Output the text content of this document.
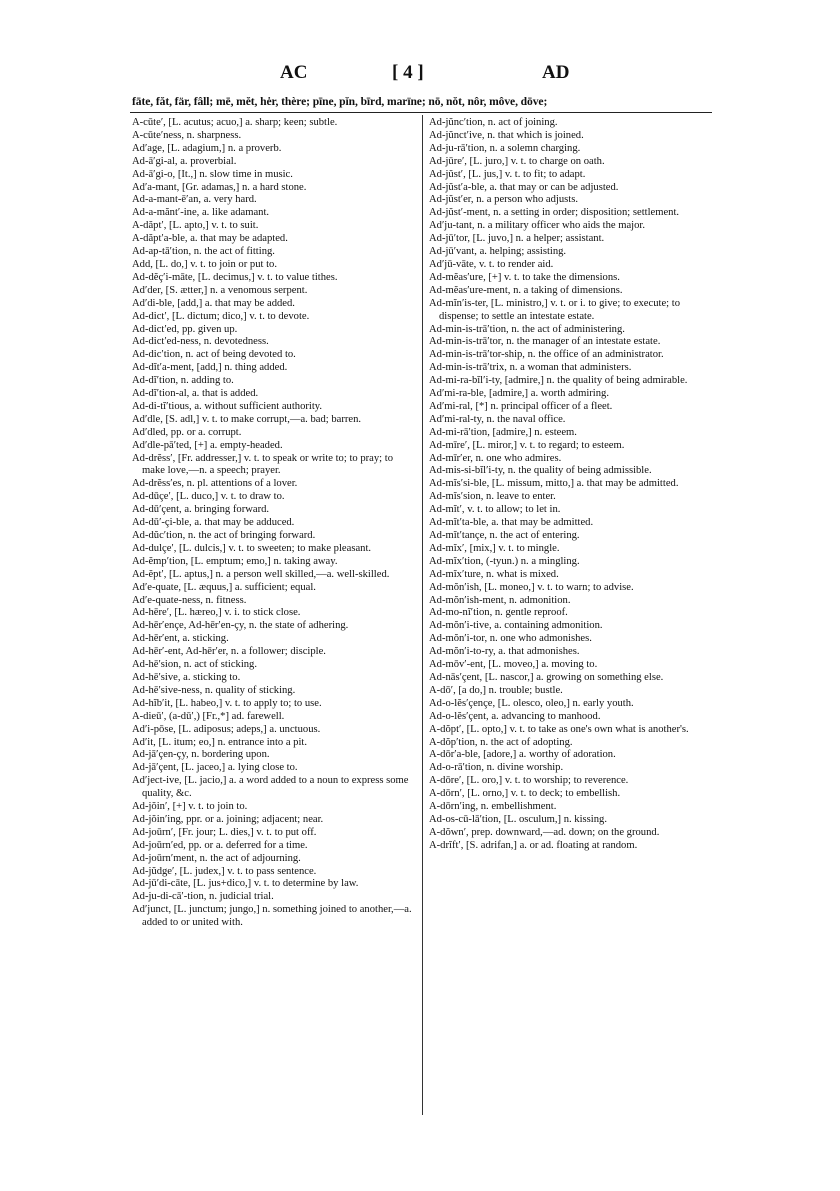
AC	[ 4 ]	AD
fāte, făt, fär, fâll; mē, mĕt, hėr, thère; pīne, pĭn, bīrd, marïne; nō, nŏt, nôr, môve, dōve;

A-cūte′, [L. acutus; acuo,] a. sharp; keen; subtle.

A-cūte′ness, n. sharpness.

Ad′age, [L. adagium,] n. a proverb.

Ad-ā′gi-al, a. proverbial.

Ad-ā′gi-o, [It.,] n. slow time in music.

Ad′a-mant, [Gr. adamas,] n. a hard stone.

Ad-a-mant-ē′an, a. very hard.

Ad-a-mănt′-ine, a. like adamant.

A-dăpt′, [L. apto,] v. t. to suit.

A-dăpt′a-ble, a. that may be adapted.

Ad-ap-tā′tion, n. the act of fitting.

Add, [L. do,] v. t. to join or put to.

Ad-dĕç′i-māte, [L. decimus,] v. t. to value tithes.

Ad′der, [S. ætter,] n. a venomous serpent.

Ad′di-ble, [add,] a. that may be added.

Ad-dict′, [L. dictum; dico,] v. t. to devote.

Ad-dict′ed, pp. given up.

Ad-dict′ed-ness, n. devotedness.

Ad-dic′tion, n. act of being devoted to.

Ad-dĭt′a-ment, [add,] n. thing added.

Ad-dĭ′tion, n. adding to.

Ad-dĭ′tion-al, a. that is added.

Ad-di-tĭ′tious, a. without sufficient authority.

Ad′dle, [S. adl,] v. t. to make corrupt,—a. bad; barren.

Ad′dled, pp. or a. corrupt.

Ad′dle-pā′ted, [+] a. empty-headed.

Ad-drĕss′, [Fr. addresser,] v. t. to speak or write to; to pray; to make love,—n. a speech; prayer.

Ad-drĕss′es, n. pl. attentions of a lover.

Ad-dūçe′, [L. duco,] v. t. to draw to.

Ad-dū′çent, a. bringing forward.

Ad-dū′-çi-ble, a. that may be adduced.

Ad-dŭc′tion, n. the act of bringing forward.

Ad-dulçe′, [L. dulcis,] v. t. to sweeten; to make pleasant.

Ad-ĕmp′tion, [L. emptum; emo,] n. taking away.

Ad-ĕpt′, [L. aptus,] n. a person well skilled,—a. well-skilled.

Ad′e-quate, [L. æquus,] a. sufficient; equal.

Ad′e-quate-ness, n. fitness.

Ad-hēre′, [L. hæreo,] v. i. to stick close.

Ad-hēr′ençe, Ad-hēr′en-çy, n. the state of adhering.

Ad-hēr′ent, a. sticking.

Ad-hēr′-ent, Ad-hēr′er, n. a follower; disciple.

Ad-hē′sion, n. act of sticking.

Ad-hē′sive, a. sticking to.

Ad-hē′sive-ness, n. quality of sticking.

Ad-hĭb′it, [L. habeo,] v. t. to apply to; to use.

A-dieū′, (a-dū′,) [Fr.,*] ad. farewell.

Ad′i-pōse, [L. adiposus; adeps,] a. unctuous.

Ad′it, [L. itum; eo,] n. entrance into a pit.

Ad-jā′çen-çy, n. bordering upon.

Ad-jā′çent, [L. jaceo,] a. lying close to.

Ad′ject-ive, [L. jacio,] a. a word added to a noun to express some quality, &c.

Ad-jŏin′, [+] v. t. to join to.

Ad-jŏin′ing, ppr. or a. joining; adjacent; near.

Ad-joūrn′, [Fr. jour; L. dies,] v. t. to put off.

Ad-joūrn′ed, pp. or a. deferred for a time.

Ad-joūrn′ment, n. the act of adjourning.

Ad-jŭdge′, [L. judex,] v. t. to pass sentence.

Ad-jū′di-cāte, [L. jus+dico,] v. t. to determine by law.

Ad-ju-di-cā′-tion, n. judicial trial.

Ad′junct, [L. junctum; jungo,] n. something joined to another,—a. added to or united with.

Ad-jŭnc′tion, n. act of joining.

Ad-jŭnct′ive, n. that which is joined.

Ad-ju-rā′tion, n. a solemn charging.

Ad-jūre′, [L. juro,] v. t. to charge on oath.

Ad-jŭst′, [L. jus,] v. t. to fit; to adapt.

Ad-jŭst′a-ble, a. that may or can be adjusted.

Ad-jŭst′er, n. a person who adjusts.

Ad-jŭst′-ment, n. a setting in order; disposition; settlement.

Ad′ju-tant, n. a military officer who aids the major.

Ad-jū′tor, [L. juvo,] n. a helper; assistant.

Ad-jū′vant, a. helping; assisting.

Ad′jū-vāte, v. t. to render aid.

Ad-mĕas′ure, [+] v. t. to take the dimensions.

Ad-mĕas′ure-ment, n. a taking of dimensions.

Ad-mĭn′is-ter, [L. ministro,] v. t. or i. to give; to execute; to dispense; to settle an intestate estate.

Ad-min-is-trā′tion, n. the act of administering.

Ad-min-is-trā′tor, n. the manager of an intestate estate.

Ad-min-is-trā′tor-ship, n. the office of an administrator.

Ad-min-is-trā′trix, n. a woman that administers.

Ad-mi-ra-bĭl′i-ty, [admire,] n. the quality of being admirable.

Ad′mi-ra-ble, [admire,] a. worth admiring.

Ad′mi-ral, [*] n. principal officer of a fleet.

Ad′mi-ral-ty, n. the naval office.

Ad-mi-rā′tion, [admire,] n. esteem.

Ad-mīre′, [L. miror,] v. t. to regard; to esteem.

Ad-mīr′er, n. one who admires.

Ad-mis-si-bĭl′i-ty, n. the quality of being admissible.

Ad-mĭs′si-ble, [L. missum, mitto,] a. that may be admitted.

Ad-mĭs′sion, n. leave to enter.

Ad-mĭt′, v. t. to allow; to let in.

Ad-mĭt′ta-ble, a. that may be admitted.

Ad-mĭt′tançe, n. the act of entering.

Ad-mĭx′, [mix,] v. t. to mingle.

Ad-mĭx′tion, (-tyun.) n. a mingling.

Ad-mĭx′ture, n. what is mixed.

Ad-mŏn′ish, [L. moneo,] v. t. to warn; to advise.

Ad-mŏn′ish-ment, n. admonition.

Ad-mo-nĭ′tion, n. gentle reproof.

Ad-mŏn′i-tive, a. containing admonition.

Ad-mŏn′i-tor, n. one who admonishes.

Ad-mŏn′i-to-ry, a. that admonishes.

Ad-mōv′-ent, [L. moveo,] a. moving to.

Ad-nās′çent, [L. nascor,] a. growing on something else.

A-dō′, [a do,] n. trouble; bustle.

Ad-o-lĕs′çençe, [L. olesco, oleo,] n. early youth.

Ad-o-lĕs′çent, a. advancing to manhood.

A-dŏpt′, [L. opto,] v. t. to take as one's own what is another's.

A-dŏp′tion, n. the act of adopting.

A-dōr′a-ble, [adore,] a. worthy of adoration.

Ad-o-rā′tion, n. divine worship.

A-dōre′, [L. oro,] v. t. to worship; to reverence.

A-dōrn′, [L. orno,] v. t. to deck; to embellish.

A-dōrn′ing, n. embellishment.

Ad-os-cū-lā′tion, [L. osculum,] n. kissing.

A-dŏwn′, prep. downward,—ad. down; on the ground.

A-drĭft′, [S. adrifan,] a. or ad. floating at random.
